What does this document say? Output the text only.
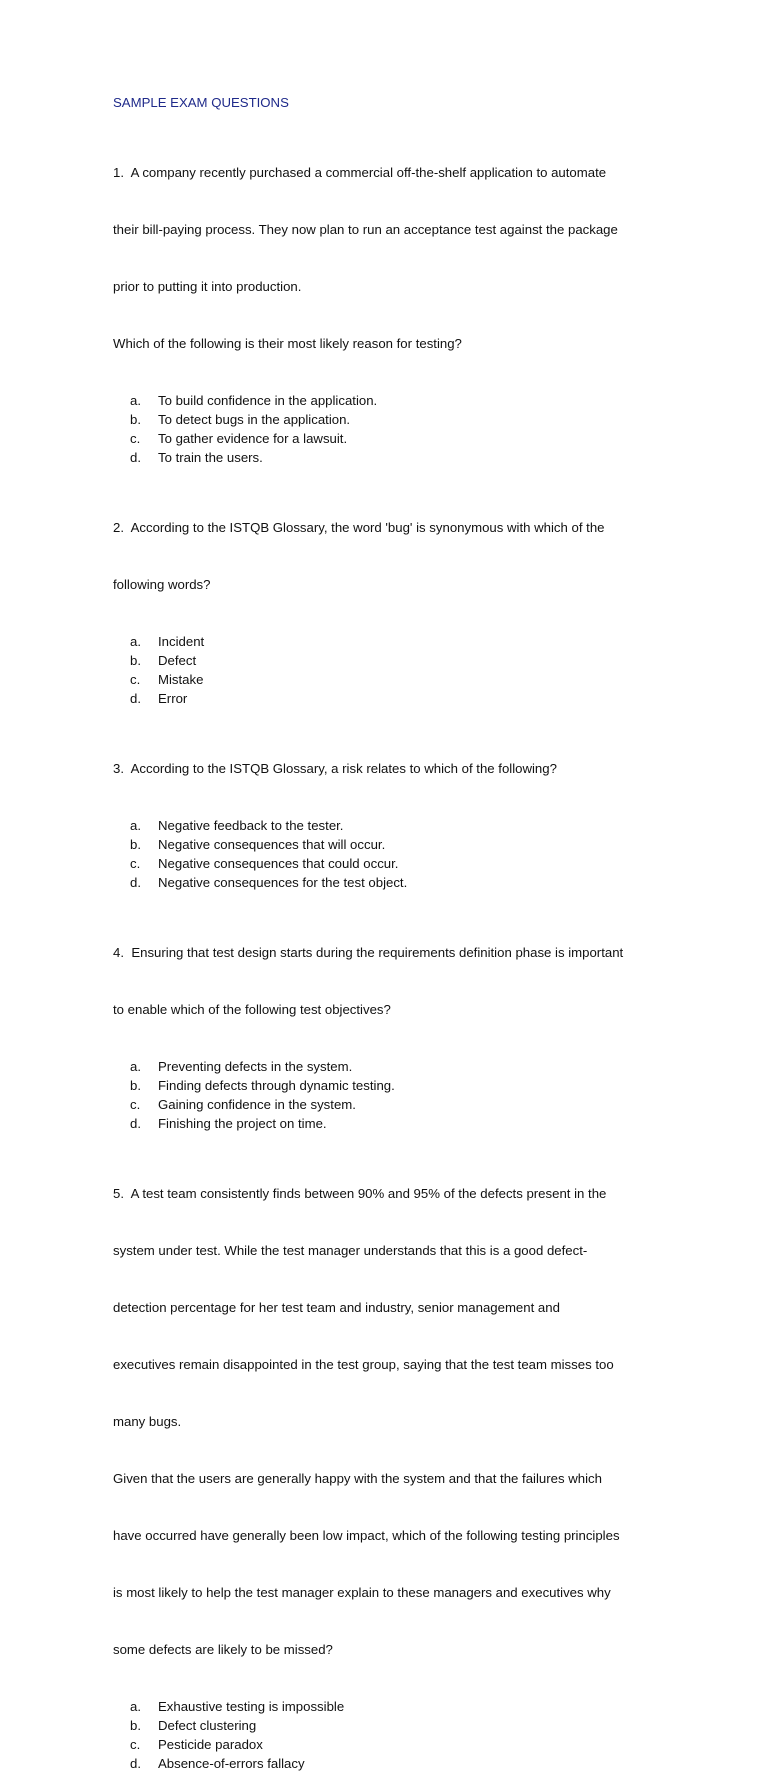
SAMPLE EXAM QUESTIONS

1.  A company recently purchased a commercial off-the-shelf application to automate

their bill-paying process. They now plan to run an acceptance test against the package

prior to putting it into production.

Which of the following is their most likely reason for testing?

a.	To build confidence in the application.
b.	To detect bugs in the application.
c.	To gather evidence for a lawsuit.
d.	To train the users.

2.  According to the ISTQB Glossary, the word 'bug' is synonymous with which of the

following words?

a.	Incident
b.	Defect
c.	Mistake
d.	Error

3.  According to the ISTQB Glossary, a risk relates to which of the following?

a.	Negative feedback to the tester.
b.	Negative consequences that will occur.
c.	Negative consequences that could occur.
d.	Negative consequences for the test object.

4.  Ensuring that test design starts during the requirements definition phase is important

to enable which of the following test objectives?

a.	Preventing defects in the system.
b.	Finding defects through dynamic testing.
c.	Gaining confidence in the system.
d.	Finishing the project on time.

5.  A test team consistently finds between 90% and 95% of the defects present in the

system under test. While the test manager understands that this is a good defect-

detection percentage for her test team and industry, senior management and

executives remain disappointed in the test group, saying that the test team misses too

many bugs.

Given that the users are generally happy with the system and that the failures which

have occurred have generally been low impact, which of the following testing principles

is most likely to help the test manager explain to these managers and executives why

some defects are likely to be missed?

a.	Exhaustive testing is impossible
b.	Defect clustering
c.	Pesticide paradox
d.	Absence-of-errors fallacy
